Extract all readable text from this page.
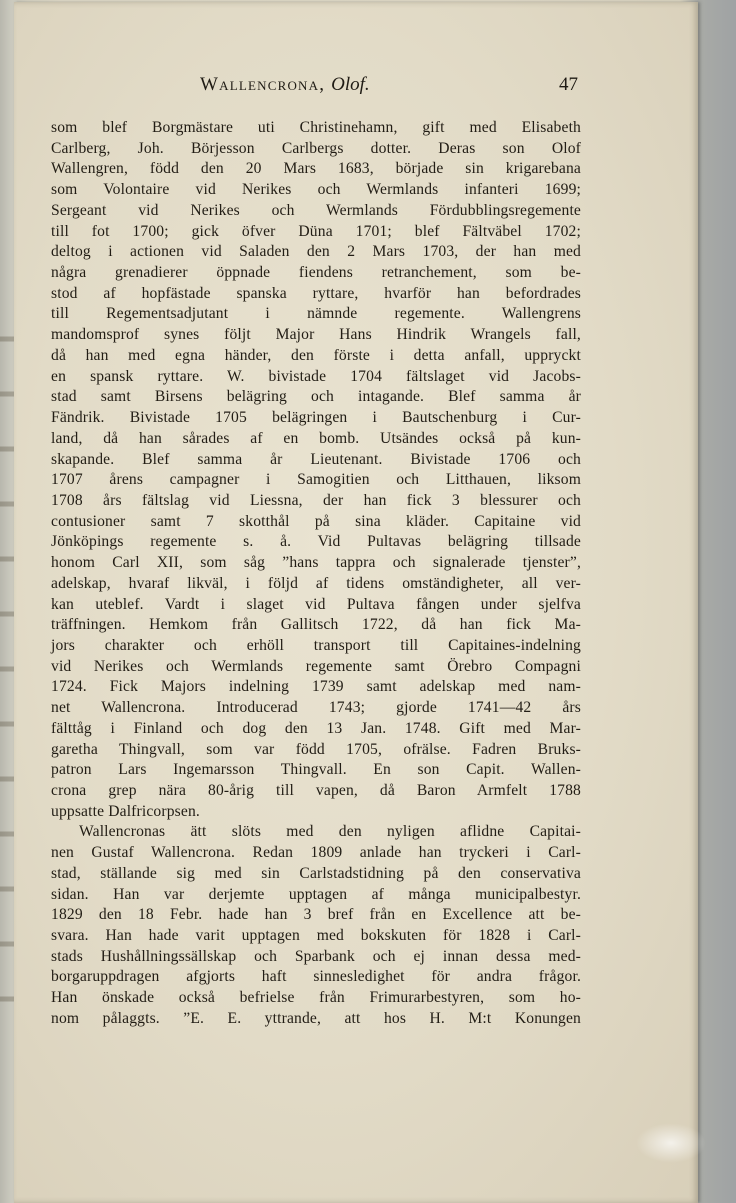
Wallencrona, Olof.	47
som blef Borgmästare uti Christinehamn, gift med Elisabeth
Carlberg, Joh. Börjesson Carlbergs dotter. Deras son Olof
Wallengren, född den 20 Mars 1683, började sin krigarebana
som Volontaire vid Nerikes och Wermlands infanteri 1699;
Sergeant vid Nerikes och Wermlands Fördubblingsregemente
till fot 1700; gick öfver Düna 1701; blef Fältväbel 1702;
deltog i actionen vid Saladen den 2 Mars 1703, der han med
några grenadierer öppnade fiendens retranchement, som be-
stod af hopfästade spanska ryttare, hvarför han befordrades
till Regementsadjutant i nämnde regemente. Wallengrens
mandomsprof synes följt Major Hans Hindrik Wrangels fall,
då han med egna händer, den förste i detta anfall, uppryckt
en spansk ryttare. W. bivistade 1704 fältslaget vid Jacobs-
stad samt Birsens belägring och intagande. Blef samma år
Fändrik. Bivistade 1705 belägringen i Bautschenburg i Cur-
land, då han sårades af en bomb. Utsändes också på kun-
skapande. Blef samma år Lieutenant. Bivistade 1706 och
1707 årens campagner i Samogitien och Litthauen, liksom
1708 års fältslag vid Liessna, der han fick 3 blessurer och
contusioner samt 7 skotthål på sina kläder. Capitaine vid
Jönköpings regemente s. å. Vid Pultavas belägring tillsade
honom Carl XII, som såg ”hans tappra och signalerade tjenster”,
adelskap, hvaraf likväl, i följd af tidens omständigheter, all ver-
kan uteblef. Vardt i slaget vid Pultava fången under sjelfva
träffningen. Hemkom från Gallitsch 1722, då han fick Ma-
jors charakter och erhöll transport till Capitaines-indelning
vid Nerikes och Wermlands regemente samt Örebro Compagni
1724. Fick Majors indelning 1739 samt adelskap med nam-
net Wallencrona. Introducerad 1743; gjorde 1741—42 års
fälttåg i Finland och dog den 13 Jan. 1748. Gift med Mar-
garetha Thingvall, som var född 1705, ofrälse. Fadren Bruks-
patron Lars Ingemarsson Thingvall. En son Capit. Wallen-
crona grep nära 80-årig till vapen, då Baron Armfelt 1788
uppsatte Dalfricorpsen.
Wallencronas ätt slöts med den nyligen aflidne Capitai-
nen Gustaf Wallencrona. Redan 1809 anlade han tryckeri i Carl-
stad, ställande sig med sin Carlstadstidning på den conservativa
sidan. Han var derjemte upptagen af många municipalbestyr.
1829 den 18 Febr. hade han 3 bref från en Excellence att be-
svara. Han hade varit upptagen med bokskuten för 1828 i Carl-
stads Hushållningssällskap och Sparbank och ej innan dessa med-
borgaruppdragen afgjorts haft sinnesledighet för andra frågor.
Han önskade också befrielse från Frimurarbestyren, som ho-
nom pålaggts. ”E. E. yttrande, att hos H. M:t Konungen
